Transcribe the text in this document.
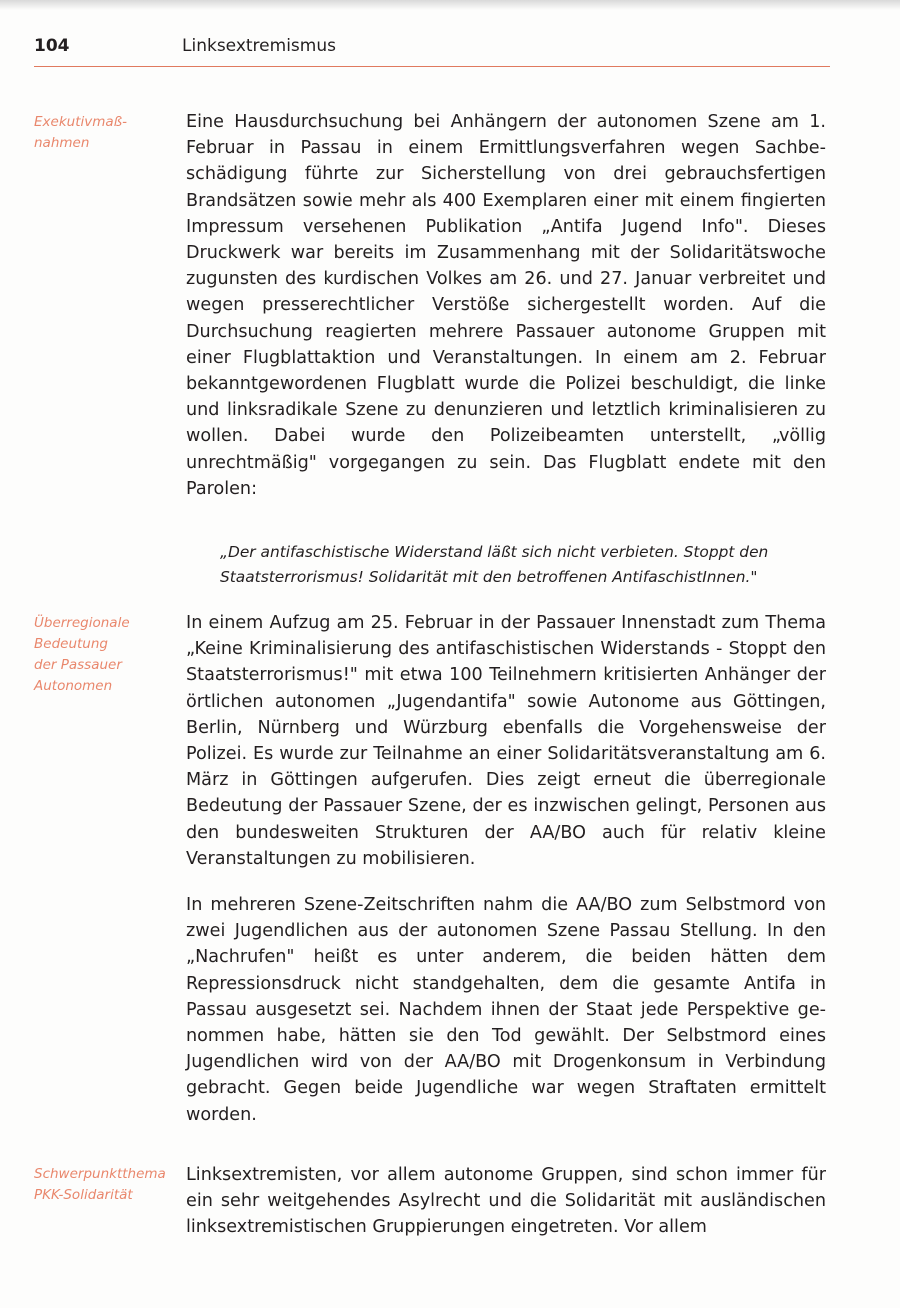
104	Linksextremismus
Exekutivmaß-
nahmen
Überregionale
Bedeutung
der Passauer
Autonomen
Schwerpunktthema
PKK-Solidarität

Eine Hausdurchsuchung bei Anhängern der autonomen Szene am 1. Februar in Passau in einem Ermittlungsverfahren wegen Sachbeschädigung führte zur Sicherstellung von drei gebrauchsfertigen Brandsätzen sowie mehr als 400 Exemplaren einer mit einem fingierten Impressum versehenen Publikation „Antifa Jugend Info". Dieses Druckwerk war bereits im Zusammenhang mit der Solidaritätswoche zugunsten des kurdischen Volkes am 26. und 27. Januar verbreitet und wegen presserechtlicher Verstöße sichergestellt worden. Auf die Durchsuchung reagierten mehrere Passauer autonome Gruppen mit einer Flugblattaktion und Veranstaltungen. In einem am 2. Februar bekanntgewordenen Flugblatt wurde die Polizei beschuldigt, die linke und linksradikale Szene zu denunzieren und letztlich kriminalisieren zu wollen. Dabei wurde den Polizeibeamten unterstellt, „völlig unrechtmäßig" vorgegangen zu sein. Das Flugblatt endete mit den Parolen:

„Der antifaschistische Widerstand läßt sich nicht verbieten. Stoppt den Staatsterrorismus! Solidarität mit den betroffenen AntifaschistInnen."

In einem Aufzug am 25. Februar in der Passauer Innenstadt zum Thema „Keine Kriminalisierung des antifaschistischen Widerstands - Stoppt den Staatsterrorismus!" mit etwa 100 Teilnehmern kritisierten Anhänger der örtlichen autonomen „Jugendantifa" sowie Autonome aus Göttingen, Berlin, Nürnberg und Würzburg ebenfalls die Vorgehensweise der Polizei. Es wurde zur Teilnahme an einer Solidaritätsveranstaltung am 6. März in Göttingen aufgerufen. Dies zeigt erneut die überregionale Bedeutung der Passauer Szene, der es inzwischen gelingt, Personen aus den bundesweiten Strukturen der AA/BO auch für relativ kleine Veranstaltungen zu mobilisieren.

In mehreren Szene-Zeitschriften nahm die AA/BO zum Selbstmord von zwei Jugendlichen aus der autonomen Szene Passau Stellung. In den „Nachrufen" heißt es unter anderem, die beiden hätten dem Repressionsdruck nicht standgehalten, dem die gesamte Antifa in Passau ausgesetzt sei. Nachdem ihnen der Staat jede Perspektive genommen habe, hätten sie den Tod gewählt. Der Selbstmord eines Jugendlichen wird von der AA/BO mit Drogenkonsum in Verbindung gebracht. Gegen beide Jugendliche war wegen Straftaten ermittelt worden.

Linksextremisten, vor allem autonome Gruppen, sind schon immer für ein sehr weitgehendes Asylrecht und die Solidarität mit ausländischen linksextremistischen Gruppierungen eingetreten. Vor allem
